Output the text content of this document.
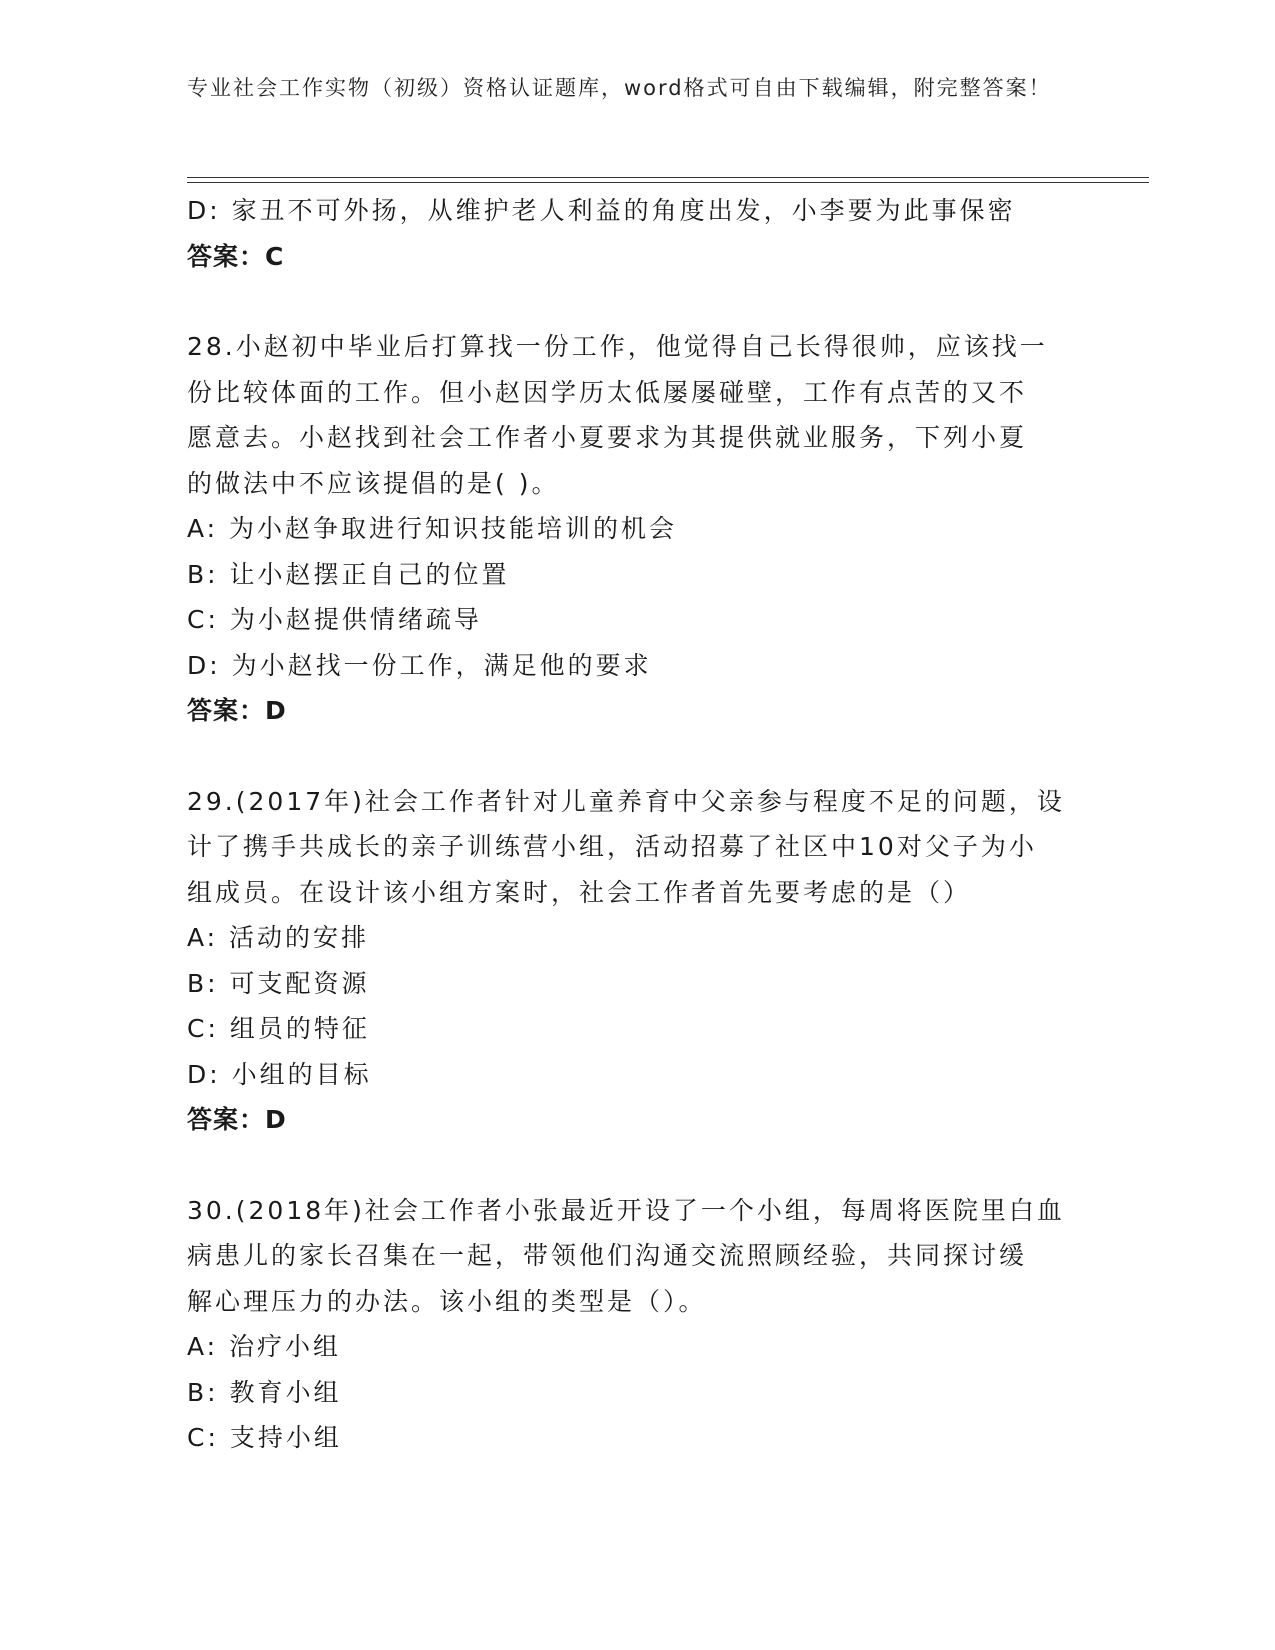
专业社会工作实物（初级）资格认证题库，word格式可自由下载编辑，附完整答案！
D: 家丑不可外扬，从维护老人利益的角度出发，小李要为此事保密
答案：C
28.小赵初中毕业后打算找一份工作，他觉得自己长得很帅，应该找一
份比较体面的工作。但小赵因学历太低屡屡碰壁，工作有点苦的又不
愿意去。小赵找到社会工作者小夏要求为其提供就业服务，下列小夏
的做法中不应该提倡的是( )。
A: 为小赵争取进行知识技能培训的机会
B: 让小赵摆正自己的位置
C: 为小赵提供情绪疏导
D: 为小赵找一份工作，满足他的要求
答案：D
29.(2017年)社会工作者针对儿童养育中父亲参与程度不足的问题，设
计了携手共成长的亲子训练营小组，活动招募了社区中10对父子为小
组成员。在设计该小组方案时，社会工作者首先要考虑的是（）
A: 活动的安排
B: 可支配资源
C: 组员的特征
D: 小组的目标
答案：D
30.(2018年)社会工作者小张最近开设了一个小组，每周将医院里白血
病患儿的家长召集在一起，带领他们沟通交流照顾经验，共同探讨缓
解心理压力的办法。该小组的类型是（）。
A: 治疗小组
B: 教育小组
C: 支持小组
